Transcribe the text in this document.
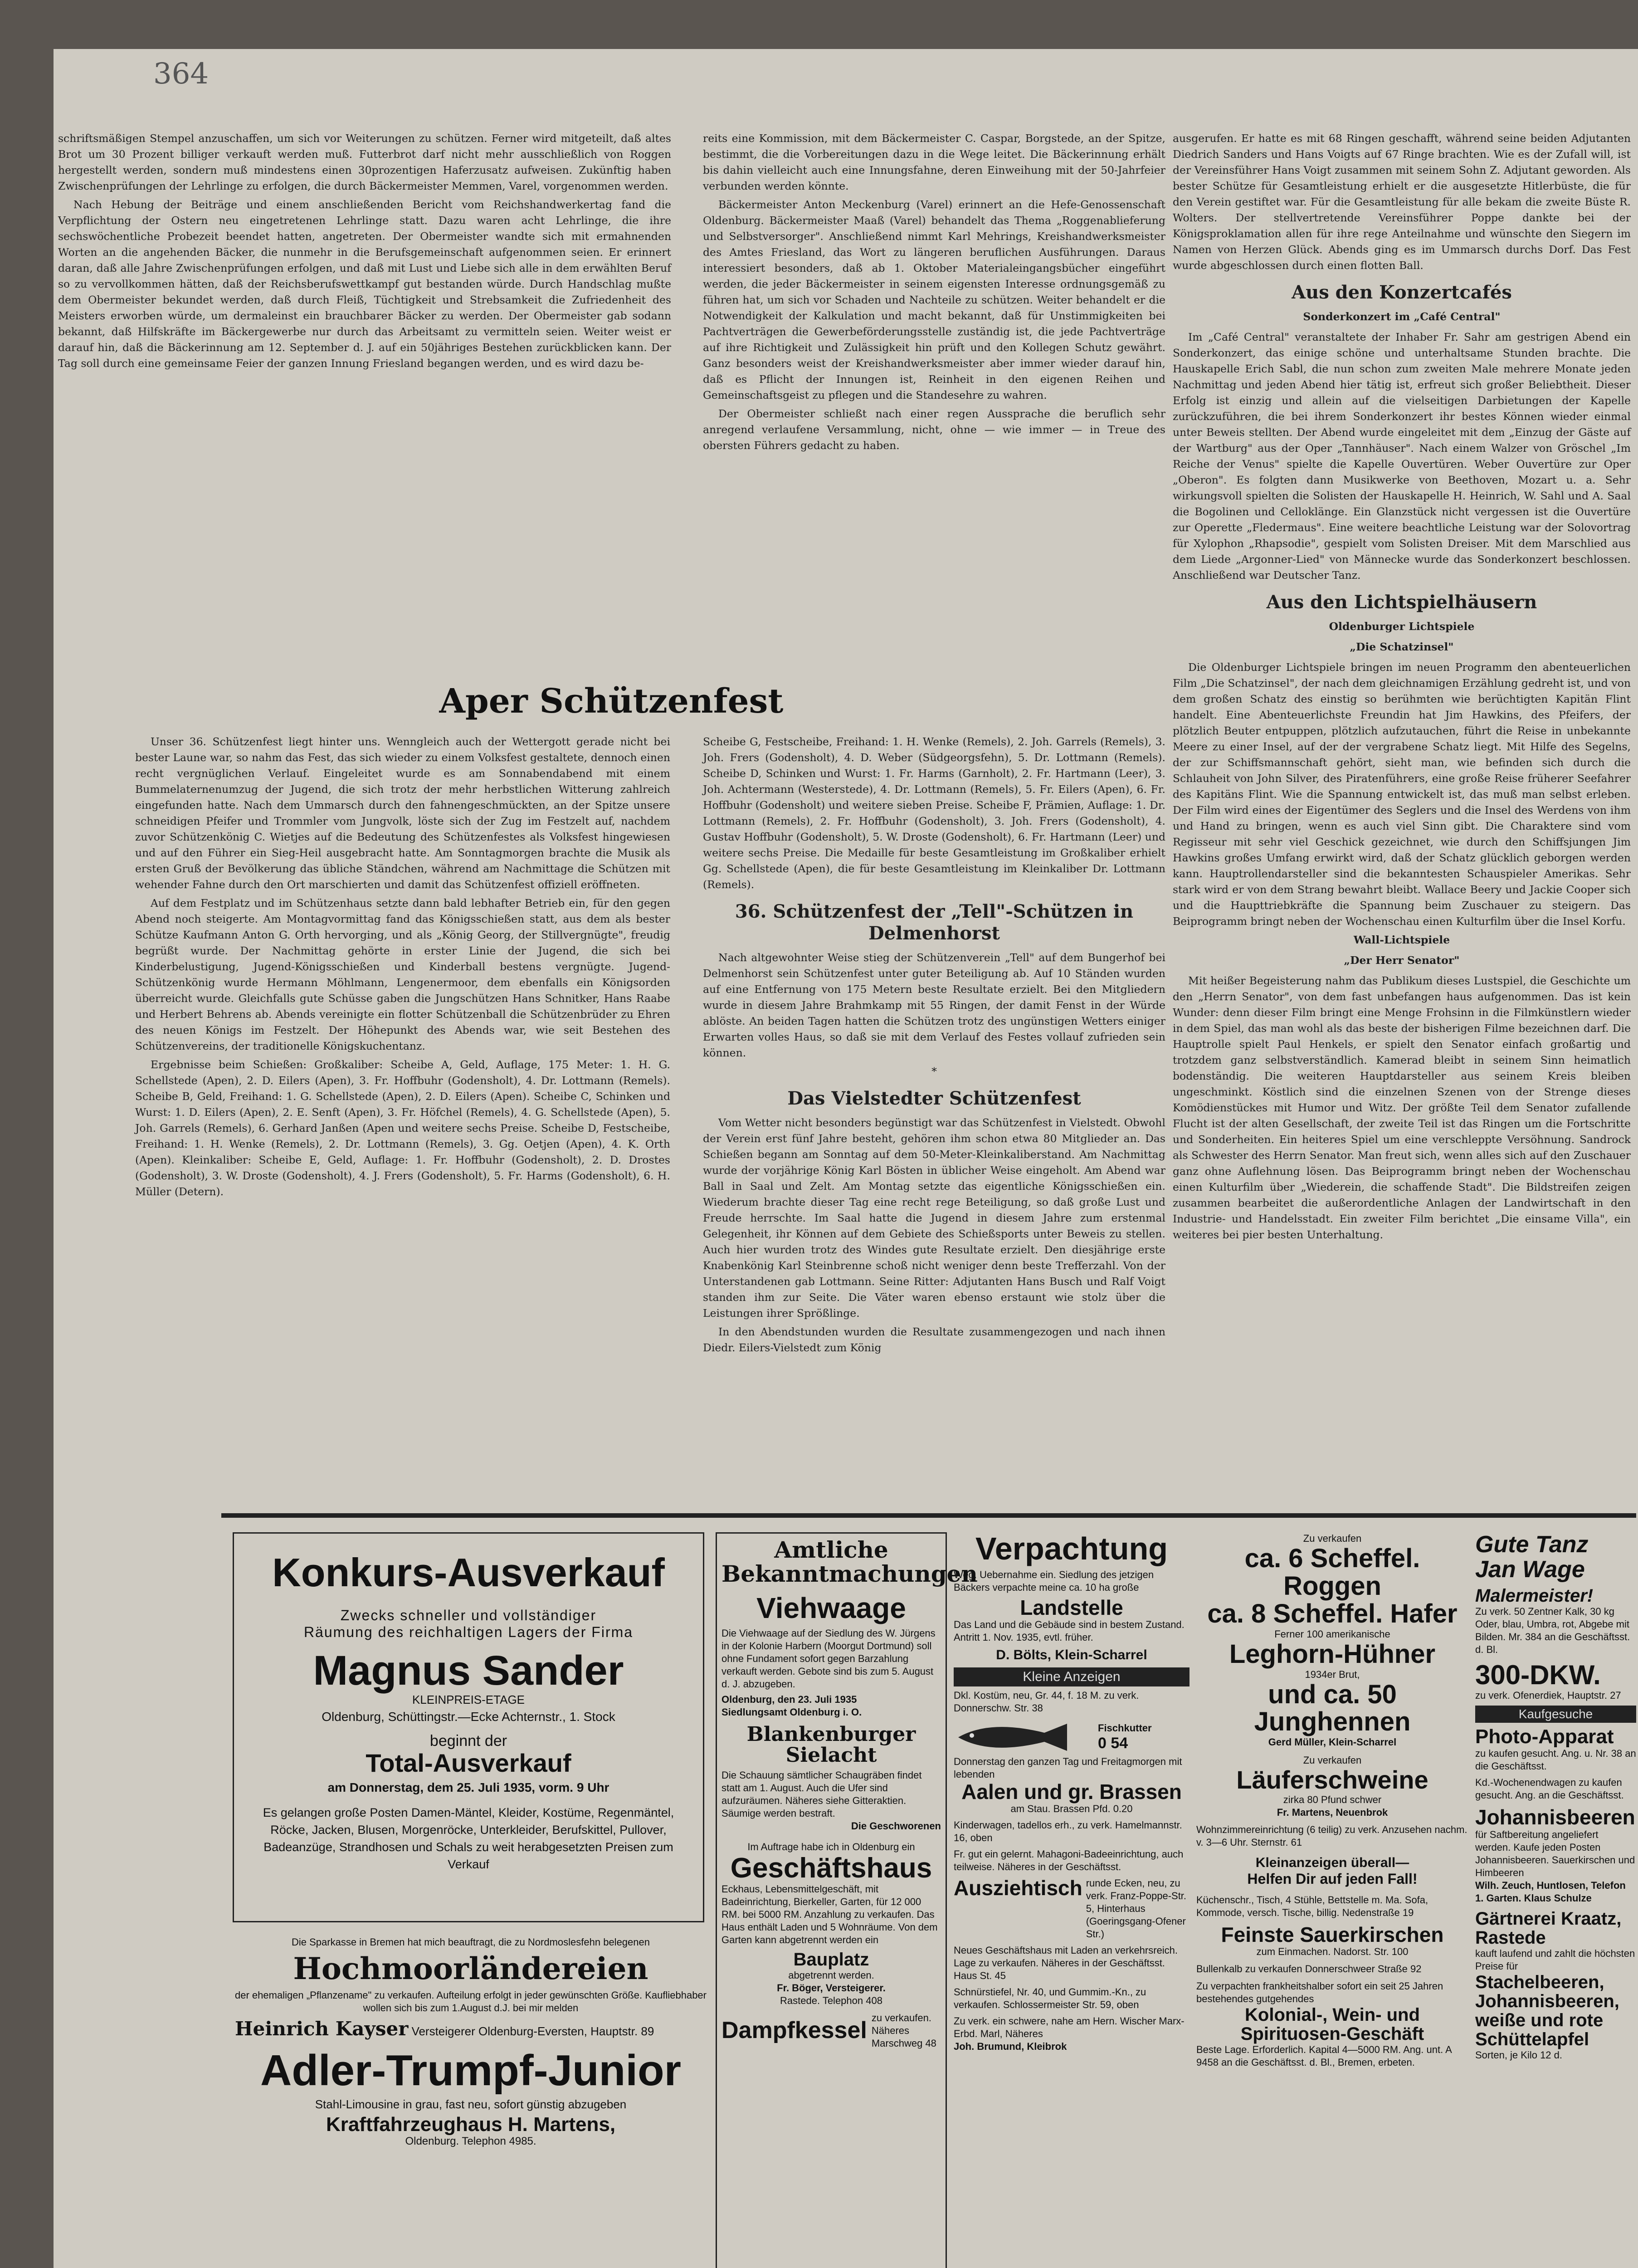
364

schriftsmäßigen Stempel anzuschaffen, um sich vor Weiterungen zu schützen. Ferner wird mitgeteilt, daß altes Brot um 30 Prozent billiger verkauft werden muß. Futterbrot darf nicht mehr ausschließlich von Roggen hergestellt werden, sondern muß mindestens einen 30prozentigen Haferzusatz aufweisen. Zukünftig haben Zwischenprüfungen der Lehrlinge zu erfolgen, die durch Bäckermeister Memmen, Varel, vorgenommen werden.

Nach Hebung der Beiträge und einem anschließenden Bericht vom Reichshandwerkertag fand die Verpflichtung der Ostern neu eingetretenen Lehrlinge statt. Dazu waren acht Lehrlinge, die ihre sechswöchentliche Probezeit beendet hatten, angetreten. Der Obermeister wandte sich mit ermahnenden Worten an die angehenden Bäcker, die nunmehr in die Berufsgemeinschaft aufgenommen seien. Er erinnert daran, daß alle Jahre Zwischenprüfungen erfolgen, und daß mit Lust und Liebe sich alle in dem erwählten Beruf so zu vervollkommen hätten, daß der Reichsberufswettkampf gut bestanden würde. Durch Handschlag mußte dem Obermeister bekundet werden, daß durch Fleiß, Tüchtigkeit und Strebsamkeit die Zufriedenheit des Meisters erworben würde, um dermaleinst ein brauchbarer Bäcker zu werden. Der Obermeister gab sodann bekannt, daß Hilfskräfte im Bäckergewerbe nur durch das Arbeitsamt zu vermitteln seien. Weiter weist er darauf hin, daß die Bäckerinnung am 12. September d. J. auf ein 50jähriges Bestehen zurückblicken kann. Der Tag soll durch eine gemeinsame Feier der ganzen Innung Friesland begangen werden, und es wird dazu be-

reits eine Kommission, mit dem Bäckermeister C. Caspar, Borgstede, an der Spitze, bestimmt, die die Vorbereitungen dazu in die Wege leitet. Die Bäckerinnung erhält bis dahin vielleicht auch eine Innungsfahne, deren Einweihung mit der 50-Jahrfeier verbunden werden könnte.

Bäckermeister Anton Meckenburg (Varel) erinnert an die Hefe-Genossenschaft Oldenburg. Bäckermeister Maaß (Varel) behandelt das Thema „Roggenablieferung und Selbstversorger". Anschließend nimmt Karl Mehrings, Kreishandwerksmeister des Amtes Friesland, das Wort zu längeren beruflichen Ausführungen. Daraus interessiert besonders, daß ab 1. Oktober Materialeingangsbücher eingeführt werden, die jeder Bäckermeister in seinem eigensten Interesse ordnungsgemäß zu führen hat, um sich vor Schaden und Nachteile zu schützen. Weiter behandelt er die Notwendigkeit der Kalkulation und macht bekannt, daß für Unstimmigkeiten bei Pachtverträgen die Gewerbeförderungsstelle zuständig ist, die jede Pachtverträge auf ihre Richtigkeit und Zulässigkeit hin prüft und den Kollegen Schutz gewährt. Ganz besonders weist der Kreishandwerksmeister aber immer wieder darauf hin, daß es Pflicht der Innungen ist, Reinheit in den eigenen Reihen und Gemeinschaftsgeist zu pflegen und die Standesehre zu wahren.

Der Obermeister schließt nach einer regen Aussprache die beruflich sehr anregend verlaufene Versammlung, nicht, ohne — wie immer — in Treue des obersten Führers gedacht zu haben.

ausgerufen. Er hatte es mit 68 Ringen geschafft, während seine beiden Adjutanten Diedrich Sanders und Hans Voigts auf 67 Ringe brachten. Wie es der Zufall will, ist der Vereinsführer Hans Voigt zusammen mit seinem Sohn Z. Adjutant geworden. Als bester Schütze für Gesamtleistung erhielt er die ausgesetzte Hitlerbüste, die für den Verein gestiftet war. Für die Gesamtleistung für alle bekam die zweite Büste R. Wolters. Der stellvertretende Vereinsführer Poppe dankte bei der Königsproklamation allen für ihre rege Anteilnahme und wünschte den Siegern im Namen von Herzen Glück. Abends ging es im Ummarsch durchs Dorf. Das Fest wurde abgeschlossen durch einen flotten Ball.

Aus den Konzertcafés
Sonderkonzert im „Café Central"

Im „Café Central" veranstaltete der Inhaber Fr. Sahr am gestrigen Abend ein Sonderkonzert, das einige schöne und unterhaltsame Stunden brachte. Die Hauskapelle Erich Sabl, die nun schon zum zweiten Male mehrere Monate jeden Nachmittag und jeden Abend hier tätig ist, erfreut sich großer Beliebtheit. Dieser Erfolg ist einzig und allein auf die vielseitigen Darbietungen der Kapelle zurückzuführen, die bei ihrem Sonderkonzert ihr bestes Können wieder einmal unter Beweis stellten. Der Abend wurde eingeleitet mit dem „Einzug der Gäste auf der Wartburg" aus der Oper „Tannhäuser". Nach einem Walzer von Gröschel „Im Reiche der Venus" spielte die Kapelle Ouvertüren. Weber Ouvertüre zur Oper „Oberon". Es folgten dann Musikwerke von Beethoven, Mozart u. a. Sehr wirkungsvoll spielten die Solisten der Hauskapelle H. Heinrich, W. Sahl und A. Saal die Bogolinen und Celloklänge. Ein Glanzstück nicht vergessen ist die Ouvertüre zur Operette „Fledermaus". Eine weitere beachtliche Leistung war der Solovortrag für Xylophon „Rhapsodie", gespielt vom Solisten Dreiser. Mit dem Marschlied aus dem Liede „Argonner-Lied" von Männecke wurde das Sonderkonzert beschlossen. Anschließend war Deutscher Tanz.

Aus den Lichtspielhäusern
Oldenburger Lichtspiele
„Die Schatzinsel"

Die Oldenburger Lichtspiele bringen im neuen Programm den abenteuerlichen Film „Die Schatzinsel", der nach dem gleichnamigen Erzählung gedreht ist, und von dem großen Schatz des einstig so berühmten wie berüchtigten Kapitän Flint handelt. Eine Abenteuerlichste Freundin hat Jim Hawkins, des Pfeifers, der plötzlich Beuter entpuppen, plötzlich aufzutauchen, führt die Reise in unbekannte Meere zu einer Insel, auf der der vergrabene Schatz liegt. Mit Hilfe des Segelns, der zur Schiffsmannschaft gehört, sieht man, wie befinden sich durch die Schlauheit von John Silver, des Piratenführers, eine große Reise früherer Seefahrer des Kapitäns Flint. Wie die Spannung entwickelt ist, das muß man selbst erleben. Der Film wird eines der Eigentümer des Seglers und die Insel des Werdens von ihm und Hand zu bringen, wenn es auch viel Sinn gibt. Die Charaktere sind vom Regisseur mit sehr viel Geschick gezeichnet, wie durch den Schiffsjungen Jim Hawkins großes Umfang erwirkt wird, daß der Schatz glücklich geborgen werden kann. Hauptrollendarsteller sind die bekanntesten Schauspieler Amerikas. Sehr stark wird er von dem Strang bewahrt bleibt. Wallace Beery und Jackie Cooper sich und die Haupttriebkräfte die Spannung beim Zuschauer zu steigern. Das Beiprogramm bringt neben der Wochenschau einen Kulturfilm über die Insel Korfu.

Wall-Lichtspiele
„Der Herr Senator"

Mit heißer Begeisterung nahm das Publikum dieses Lustspiel, die Geschichte um den „Herrn Senator", von dem fast unbefangen haus aufgenommen. Das ist kein Wunder: denn dieser Film bringt eine Menge Frohsinn in die Filmkünstlern wieder in dem Spiel, das man wohl als das beste der bisherigen Filme bezeichnen darf. Die Hauptrolle spielt Paul Henkels, er spielt den Senator einfach großartig und trotzdem ganz selbstverständlich. Kamerad bleibt in seinem Sinn heimatlich bodenständig. Die weiteren Hauptdarsteller aus seinem Kreis bleiben ungeschminkt. Köstlich sind die einzelnen Szenen von der Strenge dieses Komödienstückes mit Humor und Witz. Der größte Teil dem Senator zufallende Flucht ist der alten Gesellschaft, der zweite Teil ist das Ringen um die Fortschritte und Sonderheiten. Ein heiteres Spiel um eine verschleppte Versöhnung. Sandrock als Schwester des Herrn Senator. Man freut sich, wenn alles sich auf den Zuschauer ganz ohne Auflehnung lösen. Das Beiprogramm bringt neben der Wochenschau einen Kulturfilm über „Wiederein, die schaffende Stadt". Die Bildstreifen zeigen zusammen bearbeitet die außerordentliche Anlagen der Landwirtschaft in den Industrie- und Handelsstadt. Ein zweiter Film berichtet „Die einsame Villa", ein weiteres bei pier besten Unterhaltung.

Aper Schützenfest

Unser 36. Schützenfest liegt hinter uns. Wenngleich auch der Wettergott gerade nicht bei bester Laune war, so nahm das Fest, das sich wieder zu einem Volksfest gestaltete, dennoch einen recht vergnüglichen Verlauf. Eingeleitet wurde es am Sonnabendabend mit einem Bummelaternenumzug der Jugend, die sich trotz der mehr herbstlichen Witterung zahlreich eingefunden hatte. Nach dem Ummarsch durch den fahnengeschmückten, an der Spitze unsere schneidigen Pfeifer und Trommler vom Jungvolk, löste sich der Zug im Festzelt auf, nachdem zuvor Schützenkönig C. Wietjes auf die Bedeutung des Schützenfestes als Volksfest hingewiesen und auf den Führer ein Sieg-Heil ausgebracht hatte. Am Sonntagmorgen brachte die Musik als ersten Gruß der Bevölkerung das übliche Ständchen, während am Nachmittage die Schützen mit wehender Fahne durch den Ort marschierten und damit das Schützenfest offiziell eröffneten.

Auf dem Festplatz und im Schützenhaus setzte dann bald lebhafter Betrieb ein, für den gegen Abend noch steigerte. Am Montagvormittag fand das Königsschießen statt, aus dem als bester Schütze Kaufmann Anton G. Orth hervorging, und als „König Georg, der Stillvergnügte", freudig begrüßt wurde. Der Nachmittag gehörte in erster Linie der Jugend, die sich bei Kinderbelustigung, Jugend-Königsschießen und Kinderball bestens vergnügte. Jugend-Schützenkönig wurde Hermann Möhlmann, Lengenermoor, dem ebenfalls ein Königsorden überreicht wurde. Gleichfalls gute Schüsse gaben die Jungschützen Hans Schnitker, Hans Raabe und Herbert Behrens ab. Abends vereinigte ein flotter Schützenball die Schützenbrüder zu Ehren des neuen Königs im Festzelt. Der Höhepunkt des Abends war, wie seit Bestehen des Schützenvereins, der traditionelle Königskuchentanz.

Ergebnisse beim Schießen: Großkaliber: Scheibe A, Geld, Auflage, 175 Meter: 1. H. G. Schellstede (Apen), 2. D. Eilers (Apen), 3. Fr. Hoffbuhr (Godensholt), 4. Dr. Lottmann (Remels). Scheibe B, Geld, Freihand: 1. G. Schellstede (Apen), 2. D. Eilers (Apen). Scheibe C, Schinken und Wurst: 1. D. Eilers (Apen), 2. E. Senft (Apen), 3. Fr. Höfchel (Remels), 4. G. Schellstede (Apen), 5. Joh. Garrels (Remels), 6. Gerhard Janßen (Apen und weitere sechs Preise. Scheibe D, Festscheibe, Freihand: 1. H. Wenke (Remels), 2. Dr. Lottmann (Remels), 3. Gg. Oetjen (Apen), 4. K. Orth (Apen). Kleinkaliber: Scheibe E, Geld, Auflage: 1. Fr. Hoffbuhr (Godensholt), 2. D. Drostes (Godensholt), 3. W. Droste (Godensholt), 4. J. Frers (Godensholt), 5. Fr. Harms (Godensholt), 6. H. Müller (Detern).

Scheibe G, Festscheibe, Freihand: 1. H. Wenke (Remels), 2. Joh. Garrels (Remels), 3. Joh. Frers (Godensholt), 4. D. Weber (Südgeorgsfehn), 5. Dr. Lottmann (Remels). Scheibe D, Schinken und Wurst: 1. Fr. Harms (Garnholt), 2. Fr. Hartmann (Leer), 3. Joh. Achtermann (Westerstede), 4. Dr. Lottmann (Remels), 5. Fr. Eilers (Apen), 6. Fr. Hoffbuhr (Godensholt) und weitere sieben Preise. Scheibe F, Prämien, Auflage: 1. Dr. Lottmann (Remels), 2. Fr. Hoffbuhr (Godensholt), 3. Joh. Frers (Godensholt), 4. Gustav Hoffbuhr (Godensholt), 5. W. Droste (Godensholt), 6. Fr. Hartmann (Leer) und weitere sechs Preise. Die Medaille für beste Gesamtleistung im Großkaliber erhielt Gg. Schellstede (Apen), die für beste Gesamtleistung im Kleinkaliber Dr. Lottmann (Remels).

36. Schützenfest der „Tell"-Schützen in Delmenhorst

Nach altgewohnter Weise stieg der Schützenverein „Tell" auf dem Bungerhof bei Delmenhorst sein Schützenfest unter guter Beteiligung ab. Auf 10 Ständen wurden auf eine Entfernung von 175 Metern beste Resultate erzielt. Bei den Mitgliedern wurde in diesem Jahre Brahmkamp mit 55 Ringen, der damit Fenst in der Würde ablöste. An beiden Tagen hatten die Schützen trotz des ungünstigen Wetters einiger Erwarten volles Haus, so daß sie mit dem Verlauf des Festes vollauf zufrieden sein können.

*
Das Vielstedter Schützenfest

Vom Wetter nicht besonders begünstigt war das Schützenfest in Vielstedt. Obwohl der Verein erst fünf Jahre besteht, gehören ihm schon etwa 80 Mitglieder an. Das Schießen begann am Sonntag auf dem 50-Meter-Kleinkaliberstand. Am Nachmittag wurde der vorjährige König Karl Bösten in üblicher Weise eingeholt. Am Abend war Ball in Saal und Zelt. Am Montag setzte das eigentliche Königsschießen ein. Wiederum brachte dieser Tag eine recht rege Beteiligung, so daß große Lust und Freude herrschte. Im Saal hatte die Jugend in diesem Jahre zum erstenmal Gelegenheit, ihr Können auf dem Gebiete des Schießsports unter Beweis zu stellen. Auch hier wurden trotz des Windes gute Resultate erzielt. Den diesjährige erste Knabenkönig Karl Steinbrenne schoß nicht weniger denn beste Trefferzahl. Von der Unterstandenen gab Lottmann. Seine Ritter: Adjutanten Hans Busch und Ralf Voigt standen ihm zur Seite. Die Väter waren ebenso erstaunt wie stolz über die Leistungen ihrer Sprößlinge.

In den Abendstunden wurden die Resultate zusammengezogen und nach ihnen Diedr. Eilers-Vielstedt zum König

Konkurs-Ausverkauf
Zwecks schneller und vollständiger
Räumung des reichhaltigen Lagers der Firma
Magnus Sander
KLEINPREIS-ETAGE
Oldenburg, Schüttingstr.—Ecke Achternstr., 1. Stock
beginnt der
Total-Ausverkauf
am Donnerstag, dem 25. Juli 1935, vorm. 9 Uhr
Es gelangen große Posten Damen-Mäntel, Kleider, Kostüme, Regenmäntel, Röcke, Jacken, Blusen, Morgenröcke, Unterkleider, Berufskittel, Pullover, Badeanzüge, Strandhosen und Schals zu weit herabgesetzten Preisen zum Verkauf
Die Sparkasse in Bremen hat mich beauftragt, die zu Nordmoslesfehn belegenen
Hochmoorländereien
der ehemaligen „Pflanzename" zu verkaufen. Aufteilung erfolgt in jeder gewünschten Größe. Kaufliebhaber wollen sich bis zum 1.August d.J. bei mir melden
Heinrich Kayser Versteigerer Oldenburg-Eversten, Hauptstr. 89
Adler-Trumpf-Junior
Stahl-Limousine in grau, fast neu, sofort günstig abzugeben
Kraftfahrzeughaus H. Martens,
Oldenburg. Telephon 4985.
Amtliche Bekanntmachungen
Viehwaage
Die Viehwaage auf der Siedlung des W. Jürgens in der Kolonie Harbern (Moorgut Dortmund) soll ohne Fundament sofort gegen Barzahlung verkauft werden. Gebote sind bis zum 5. August d. J. abzugeben.
Oldenburg, den 23. Juli 1935
Siedlungsamt Oldenburg i. O.
Blankenburger Sielacht
Die Schauung sämtlicher Schaugräben findet statt am 1. August. Auch die Ufer sind aufzuräumen. Näheres siehe Gitteraktien. Säumige werden bestraft.
Die Geschworenen
Im Auftrage habe ich in Oldenburg ein
Geschäftshaus
Eckhaus, Lebensmittelgeschäft, mit Badeinrichtung, Bierkeller, Garten, für 12 000 RM. bei 5000 RM. Anzahlung zu verkaufen. Das Haus enthält Laden und 5 Wohnräume. Von dem Garten kann abgetrennt werden ein
Bauplatz
abgetrennt werden.
Fr. Böger, Versteigerer.
Rastede. Telephon 408
Dampfkessel zu verkaufen. Näheres Marschweg 48
Verpachtung
Weg. Uebernahme ein. Siedlung des jetzigen Bäckers verpachte meine ca. 10 ha große
Landstelle
Das Land und die Gebäude sind in bestem Zustand. Antritt 1. Nov. 1935, evtl. früher.
D. Bölts, Klein-Scharrel
Kleine Anzeigen
Dkl. Kostüm, neu, Gr. 44, f. 18 M. zu verk. Donnerschw. Str. 38
Fischkutter
0 54
Donnerstag den ganzen Tag und Freitagmorgen mit lebenden
Aalen und gr. Brassen
am Stau. Brassen Pfd. 0.20
Kinderwagen, tadellos erh., zu verk. Hamelmannstr. 16, oben
Fr. gut ein gelernt. Mahagoni-Badeeinrichtung, auch teilweise. Näheres in der Geschäftsst.
Ausziehtisch runde Ecken, neu, zu verk. Franz-Poppe-Str. 5, Hinterhaus (Goeringsgang-Ofener Str.)
Neues Geschäftshaus mit Laden an verkehrsreich. Lage zu verkaufen. Näheres in der Geschäftsst. Haus St. 45
Schnürstiefel, Nr. 40, und Gummim.-Kn., zu verkaufen. Schlossermeister Str. 59, oben
Zu verk. ein schwere, nahe am Hern. Wischer Marx-Erbd. Marl, Näheres
Joh. Brumund, Kleibrok
Zu verkaufen
ca. 6 Scheffel. Roggen
ca. 8 Scheffel. Hafer
Ferner 100 amerikanische
Leghorn-Hühner
1934er Brut,
und ca. 50 Junghennen
Gerd Müller, Klein-Scharrel
Zu verkaufen
Läuferschweine
zirka 80 Pfund schwer
Fr. Martens, Neuenbrok
Wohnzimmereinrichtung (6 teilig) zu verk. Anzusehen nachm. v. 3—6 Uhr. Sternstr. 61
Kleinanzeigen überall—
Helfen Dir auf jeden Fall!
Küchenschr., Tisch, 4 Stühle, Bettstelle m. Ma. Sofa, Kommode, versch. Tische, billig. Nedenstraße 19
Feinste Sauerkirschen
zum Einmachen. Nadorst. Str. 100
Bullenkalb zu verkaufen Donnerschweer Straße 92
Zu verpachten frankheitshalber sofort ein seit 25 Jahren bestehendes gutgehendes
Kolonial-, Wein- und Spirituosen-Geschäft
Beste Lage. Erforderlich. Kapital 4—5000 RM. Ang. unt. A 9458 an die Geschäftsst. d. Bl., Bremen, erbeten.
Gute Tanz
Jan Wage
Malermeister!
Zu verk. 50 Zentner Kalk, 30 kg Oder, blau, Umbra, rot, Abgebe mit Bilden. Mr. 384 an die Geschäftsst. d. Bl.
300-DKW.
zu verk. Ofenerdiek, Hauptstr. 27
Kaufgesuche
Photo-Apparat
zu kaufen gesucht. Ang. u. Nr. 38 an die Geschäftsst.
Kd.-Wochenendwagen zu kaufen gesucht. Ang. an die Geschäftsst.
Johannisbeeren
für Saftbereitung angeliefert werden. Kaufe jeden Posten Johannisbeeren. Sauerkirschen und Himbeeren
Wilh. Zeuch, Huntlosen, Telefon 1. Garten. Klaus Schulze
Gärtnerei Kraatz, Rastede
kauft laufend und zahlt die höchsten Preise für
Stachelbeeren, Johannisbeeren, weiße und rote Schüttelapfel
Sorten, je Kilo 12 d.
